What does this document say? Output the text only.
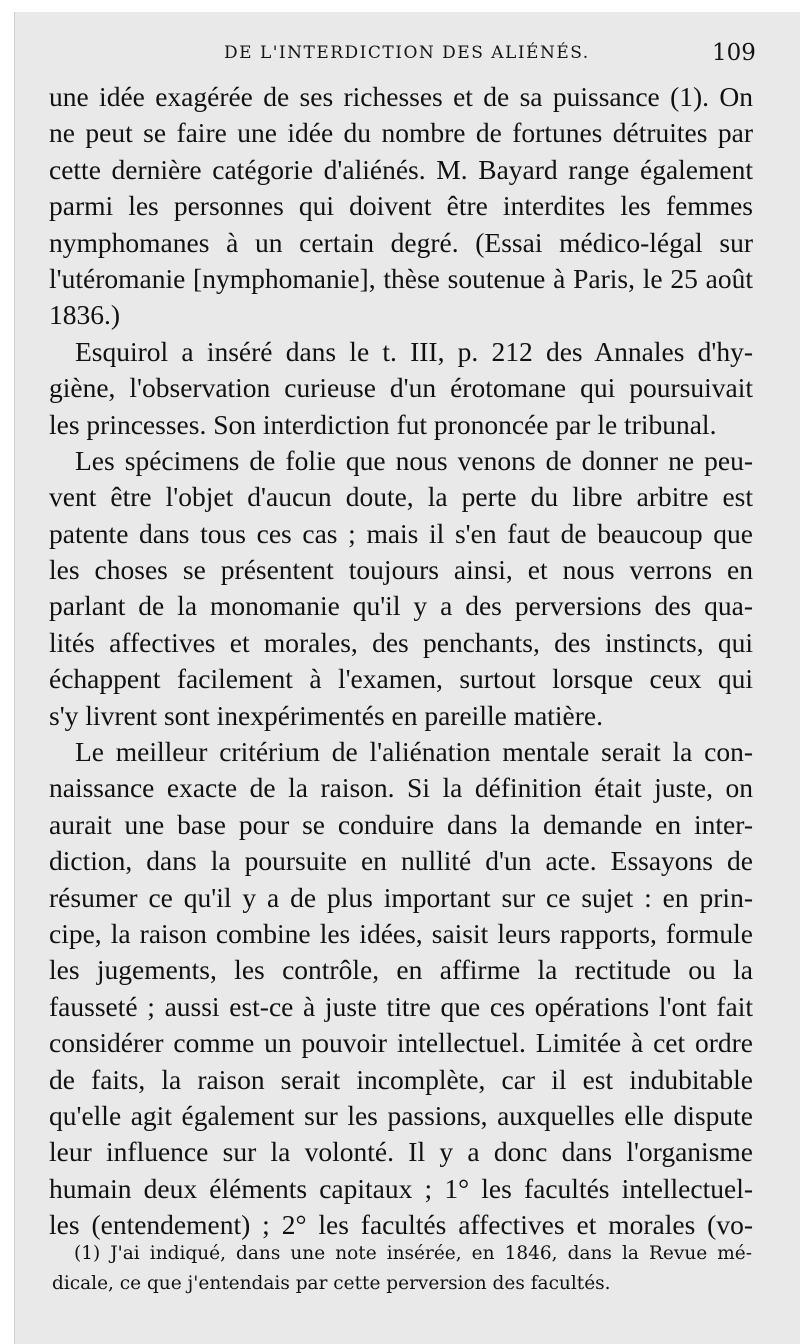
DE L'INTERDICTION DES ALIÉNÉS.	109
une idée exagérée de ses richesses et de sa puissance (1). On
ne peut se faire une idée du nombre de fortunes détruites par
cette dernière catégorie d'aliénés. M. Bayard range également
parmi les personnes qui doivent être interdites les femmes
nymphomanes à un certain degré. (Essai médico-légal sur
l'utéromanie [nymphomanie], thèse soutenue à Paris, le 25 août
1836.)
Esquirol a inséré dans le t. III, p. 212 des Annales d'hy-
giène, l'observation curieuse d'un érotomane qui poursuivait
les princesses. Son interdiction fut prononcée par le tribunal.
Les spécimens de folie que nous venons de donner ne peu-
vent être l'objet d'aucun doute, la perte du libre arbitre est
patente dans tous ces cas ; mais il s'en faut de beaucoup que
les choses se présentent toujours ainsi, et nous verrons en
parlant de la monomanie qu'il y a des perversions des qua-
lités affectives et morales, des penchants, des instincts, qui
échappent facilement à l'examen, surtout lorsque ceux qui
s'y livrent sont inexpérimentés en pareille matière.
Le meilleur critérium de l'aliénation mentale serait la con-
naissance exacte de la raison. Si la définition était juste, on
aurait une base pour se conduire dans la demande en inter-
diction, dans la poursuite en nullité d'un acte. Essayons de
résumer ce qu'il y a de plus important sur ce sujet : en prin-
cipe, la raison combine les idées, saisit leurs rapports, formule
les jugements, les contrôle, en affirme la rectitude ou la
fausseté ; aussi est-ce à juste titre que ces opérations l'ont fait
considérer comme un pouvoir intellectuel. Limitée à cet ordre
de faits, la raison serait incomplète, car il est indubitable
qu'elle agit également sur les passions, auxquelles elle dispute
leur influence sur la volonté. Il y a donc dans l'organisme
humain deux éléments capitaux ; 1° les facultés intellectuel-
les (entendement) ; 2° les facultés affectives et morales (vo-
(1) J'ai indiqué, dans une note insérée, en 1846, dans la Revue mé-
dicale, ce que j'entendais par cette perversion des facultés.
